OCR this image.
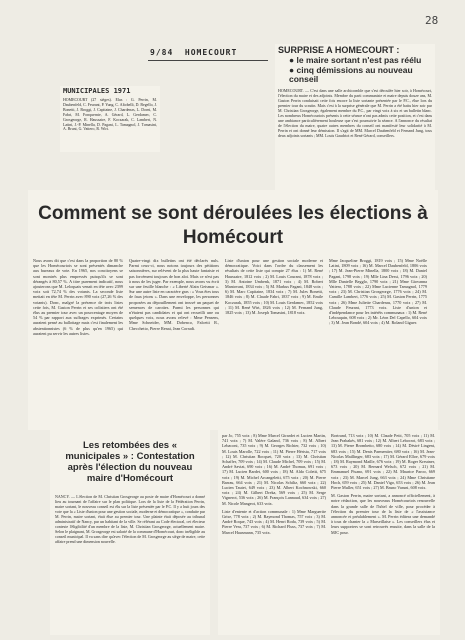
28
9/84 HOMECOURT
MUNICIPALES 1971
HOMECOURT (27 sièges). Elus : G. Perrin, M. Daubenfeld, C. Feurant, P. Yung, C. Altobelli, D. Begello, J. Bonetti, J. Broggi, J. Capitaine, J. Chardenas, L. Dorni, M. Fabri, M. Fonquernie, A. Gérard, L. Gerdamec, C. Grosgeorge, R. Haussaire, F. Koczarak, C. Lambert, N. Latini, J.-P. Minella, D. Pagani, L. Tamagnol, J. Tomasini, A. Bruni, G. Vattero, R. Wirt.
SURPRISE A HOMECOURT :
● le maire sortant n'est pas réélu
● cinq démissions au nouveau conseil
HOMECOURT. — C'est dans une salle archicomble que s'est déroulée hier soir, à Homécourt, l'élection du maire et des adjoints. Membre du parti communiste et maire depuis douze ans, M. Gaston Perrin conduisait cette fois encore la liste sortante présentée par le P.C., élue lors du premier tour du scrutin. Mais c'est à la surprise générale que M. Perrin a été battu hier soir par M. Christian Grosgeorge, également membre du P.C., par vingt voix à six et un bulletin blanc. Les nombreux Homécourtois présents à cette séance n'ont pas admis cette position, et c'est dans une ambiance particulièrement houleuse que s'est poursuivie la séance. A l'annonce du résultat de l'élection du maire, quatre autres membres du conseil ont manifesté leur solidarité à M. Perrin et ont donné leur démission. Il s'agit de MM. Marcel Daubenfeld et Fernand Jung, tous deux adjoints sortants ; MM. Louis Gaudriot et René Gérard, conseillers.
Comment se sont déroulées les élections à Homécourt
Nous avons dit que c'est dans la proportion de 80 % que les Homécourtois se sont présentés dimanche aux bureaux de vote. En 1965, nos concitoyens se sont montrés plus empressés puisqu'ils se sont dérangés à 80,57 %. A titre purement indicatif, nous ajouterons que M. Leloquais venait en tête avec 2399 voix soit 72,74 % des votants. La seconde liste mettait en tête M. Perrin avec 890 voix (27,26 % des votants). Donc, malgré la présence de trois listes cette fois, M. Gaston Perrin et ses colistiers ont été élus au premier tour avec un pourcentage moyen de 54 % par rapport aux suffrages exprimés. Certains auraient pensé au ballottage mais c'est finalement les abstentionnistes (6 % de plus qu'en 1965) qui auraient pu servir les autres listes.
Quatre-vingt dix bulletins ont été déclarés nuls. Parmi ceux-ci, nous notons toujours des pétitions saisonnières, sur relèvent de la plus haute fantaisie et pas forcément toujours de bon aloi. Mais ce n'est pas à nous de les juger. Par exemple, nous avons vu écrit sur une feuille blanche : « Liberté Alain Geismar ». Sur une autre liste en caractère gras : « Vous êtes tous de faux jetons ». Dans une enveloppe, les personnes proposées au dépouillement ont trouvé un paquet de semences de carottes. Parmi les personnes qui n'étaient pas candidates et qui ont recueilli une ou quelques voix, nous avons relevé : Mme Pensens, Mme Schneider, MM. Dobenco, Falcetti R., Checchetto, Pierre Renai, Jean Corradi.
Liste d'union pour une gestion sociale moderne et démocratique. Voici dans l'ordre du classement les résultats de cette liste qui compte 27 élus : 1) M. René Haussaire, 1812 voix ; 2) M. Louis Courant, 1878 voix ; 3) M. Antoine Umbenk, 1871 voix ; 4) M. Robert Mantovani, 1834 voix ; 5) M. Markus Pagani, 1848 voix ; 6) M. Marc Capitaine, 1834 voix ; 7) M. Jules Bonetti, 1846 voix ; 8) M. Claude Fabri, 1837 voix ; 9) M. Emile Koczarak, 1855 voix ; 10) M. Louis Gerdamec, 1852 voix ; 11) M. René Wirt, 1826 voix ; 12) M. Fernand Jung, 1825 voix ; 13) M. Joseph Tomasini, 1818 voix.
Mme Jacqueline Broggi, 1819 voix ; 15) Mme Noëlle Latini, 1809 voix ; 16) M. Marcel Daubenfeld, 1806 voix ; 17) M. Jean-Pierre Minella, 1800 voix ; 18) M. Daniel Pagani, 1798 voix ; 19) Mlle Lina Dessi, 1796 voix ; 20) Mlle Danielle Begglo, 1790 voix ; 21) Mme Giovanna Vattero, 1788 voix ; 22) Mme Lucienne Tamagnol, 1779 voix ; 23) M. Christian Grosgeorge, 1776 voix ; 24) M. Camille Lambert, 1776 voix ; 25) M. Gaston Perrin, 1775 voix ; 26) Mme Juliette Chardenas, 1770 voix ; 27) M. Claude Feurant, 1773 voix. Liste d'union et d'indépendance pour les intérêts communaux : 1) M. René Lebouquin, 608 voix ; 2) Mr. Léon Del Capello, 604 voix ; 3) M. Jean Bondé, 604 voix ; 4) M. Roland Giguer.
Les retombées des « municipales » : Contestation après l'élection du nouveau maire d'Homécourt
NANCY. — L'élection de M. Christian Grosgeorge au poste de maire d'Homécourt a donné lieu au tournant de l'affaire sur le plan politique. Lors de la liste de la Fédération Perrin, maire sortant, le nouveau conseil est élu sur la liste présentée par le P.C. Il y a huit jours des vote que la « Liste d'union pour une gestion sociale, moderne et démocratique », conduite par M. Perrin, maire sortant, était élue au premier tour. Une plainte était déposée au tribunal administratif de Nancy, par un habitant de la ville. Se référant au Code électoral, cet électeur conteste l'éligibilité d'un membre de la liste, M. Christian Grosgeorge, actuellement maire. Selon le plaignant, M. Grosgeorge est salarié de la commune d'Homécourt, donc inéligible au conseil municipal. Il va sans dire qu'avec l'élection de M. Grosgeorge au siège de maire, cette affaire prend une dimension nouvelle.
par Jo, 755 voix ; 8) Mme Marcel Girardet et Lucien Martin, 741 voix ; 7) M. Valère Galand, 736 voix ; 8) M. Albert Lebaconi, 735 voix ; 9) M. Georges Richter, 732 voix ; 10) M. Louis Marolle, 722 voix ; 11) M. Pierre Hérista, 717 voix ; 12) M. Christian Bocquet, 720 voix ; 13) M. Christian Schaffer, 709 voix ; 14) M. Claude Michel, 709 voix ; 15) M. André Saviat, 690 voix ; 16) M. André Thomas, 691 voix ; 17) M. Lucien Bardet, 600 voix ; 18) M. Aldo Coletti, 675 voix ; 19) M. Michel Arcangeletti, 675 voix ; 20) M. Pierre Barrau, 664 voix ; 21) M. Nicolas Schiltz, 660 voix ; 22) Lucien Tautet, 649 voix ; 23) M. Albert Kochnowski, 660 voix ; 24) M. Gilbert Dreka, 569 voix ; 25) M. Serge Vignerot, 536 voix ; 26) M. François Lannaud, 634 voix ; 27) M. Nicole Mangeot, 633 voix.
Liste d'entente et d'action communale : 1) Mme Marguerite Grise, 778 voix ; 2) M. Raymond Thomas, 757 voix ; 3) M. André Roque, 743 voix ; 4) M. Henri Roda, 739 voix ; 5) M. Pierre Vera, 737 voix ; 6) M. Richard Fluss, 737 voix ; 7) M. Marcel Hausmann, 735 voix.
Bortrand, 713 voix ; 10) M. Claude Petit, 705 voix ; 11) M. Jean Prabakés, 681 voix ; 12) M. Albert Lebocrot, 683 voix ; 13) M. Pierre Brombetto, 680 voix ; 14) M. Désiré Lingent, 683 voix ; 15) M. Denis Parmentier, 680 voix ; 16) M. Jean-Nicolas Maillinger, 683 voix ; 17) M. Gérard Elloe, 679 voix ; 18) M. Raymond Maille, 676 voix ; 19) M. Roger Kreutner, 673 voix ; 20) M. Bernard Welsch, 672 voix ; 21) M. Emmanuel Pisano, 691 voix ; 22) M. Maurice Paroo, 669 voix ; 23) M. Marcel Jung, 663 voix ; 24) Mme Christiane Hoch, 659 voix ; 25) M. Daniel Vigo, 653 voix ; 26) M. Jean Pierre Muller, 651 voix ; 27) M. Bruno Varuni, 608 voix.
M. Gaston Perrin, maire sortant, a annoncé officiellement, à notre rédaction, que les nouveaux Homécourtois renouvelle dans la grande salle de l'hôtel de ville, pour procéder à l'élection du premier tour de la liste de « l'assistance annoncée et préalablement ». M. Perrin éditera une demandé à tous de chanter la « Marseillaise ». Les conseillers élus et leurs supporters se sont retrouvés ensuite, dans la salle de la MJC pour.
